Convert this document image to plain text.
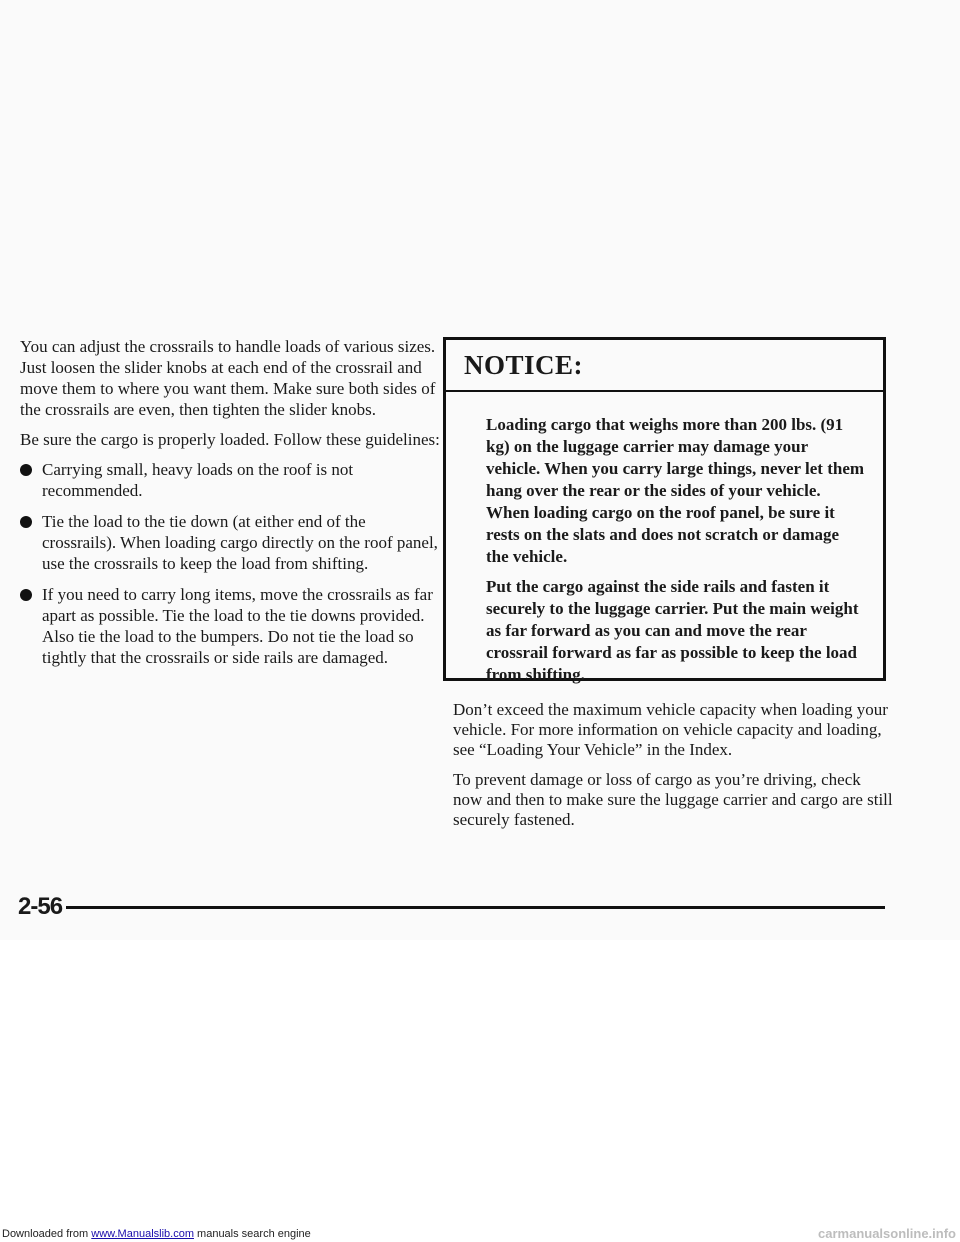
You can adjust the crossrails to handle loads of various sizes. Just loosen the slider knobs at each end of the crossrail and move them to where you want them. Make sure both sides of the crossrails are even, then tighten the slider knobs.

Be sure the cargo is properly loaded. Follow these guidelines:

Carrying small, heavy loads on the roof is not recommended.
Tie the load to the tie down (at either end of the crossrails). When loading cargo directly on the roof panel, use the crossrails to keep the load from shifting.
If you need to carry long items, move the crossrails as far apart as possible. Tie the load to the tie downs provided. Also tie the load to the bumpers. Do not tie the load so tightly that the crossrails or side rails are damaged.
NOTICE:

Loading cargo that weighs more than 200 lbs. (91 kg) on the luggage carrier may damage your vehicle. When you carry large things, never let them hang over the rear or the sides of your vehicle. When loading cargo on the roof panel, be sure it rests on the slats and does not scratch or damage the vehicle.

Put the cargo against the side rails and fasten it securely to the luggage carrier. Put the main weight as far forward as you can and move the rear crossrail forward as far as possible to keep the load from shifting.

Don’t exceed the maximum vehicle capacity when loading your vehicle. For more information on vehicle capacity and loading, see “Loading Your Vehicle” in the Index.

To prevent damage or loss of cargo as you’re driving, check now and then to make sure the luggage carrier and cargo are still securely fastened.

2-56
Downloaded from www.Manualslib.com manuals search engine	carmanualsonline.info
